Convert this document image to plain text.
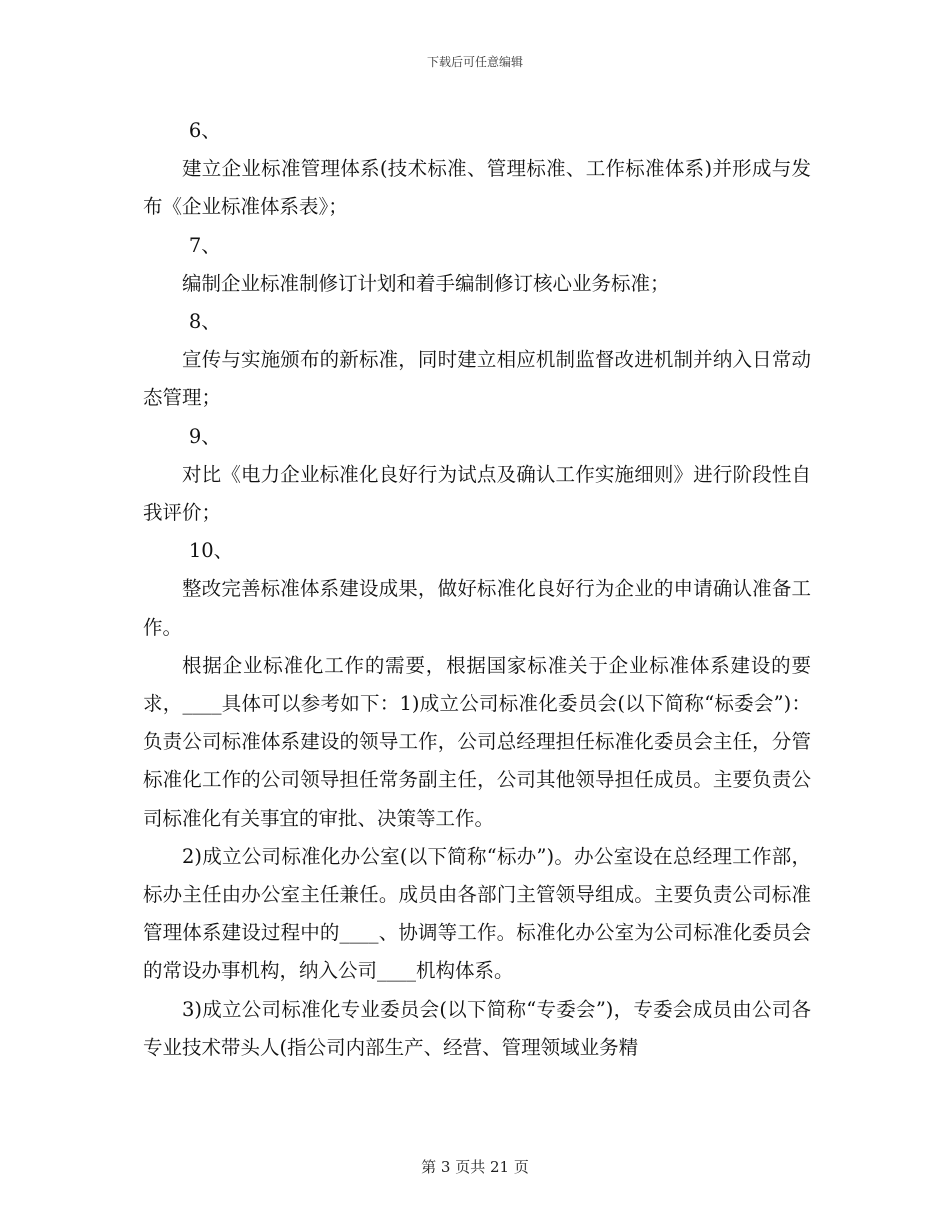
下载后可任意编辑

6、

建立企业标准管理体系(技术标准、管理标准、工作标准体系)并形成与发布《企业标准体系表》；

7、

编制企业标准制修订计划和着手编制修订核心业务标准；

8、

宣传与实施颁布的新标准，同时建立相应机制监督改进机制并纳入日常动态管理；

9、

对比《电力企业标准化良好行为试点及确认工作实施细则》进行阶段性自我评价；

10、

整改完善标准体系建设成果，做好标准化良好行为企业的申请确认准备工作。

根据企业标准化工作的需要，根据国家标准关于企业标准体系建设的要求，____具体可以参考如下：1)成立公司标准化委员会(以下简称“标委会”)：负责公司标准体系建设的领导工作，公司总经理担任标准化委员会主任，分管标准化工作的公司领导担任常务副主任，公司其他领导担任成员。主要负责公司标准化有关事宜的审批、决策等工作。

2)成立公司标准化办公室(以下简称“标办”)。办公室设在总经理工作部，标办主任由办公室主任兼任。成员由各部门主管领导组成。主要负责公司标准管理体系建设过程中的____、协调等工作。标准化办公室为公司标准化委员会的常设办事机构，纳入公司____机构体系。

3)成立公司标准化专业委员会(以下简称“专委会”)，专委会成员由公司各专业技术带头人(指公司内部生产、经营、管理领域业务精

第 3 页共 21 页
